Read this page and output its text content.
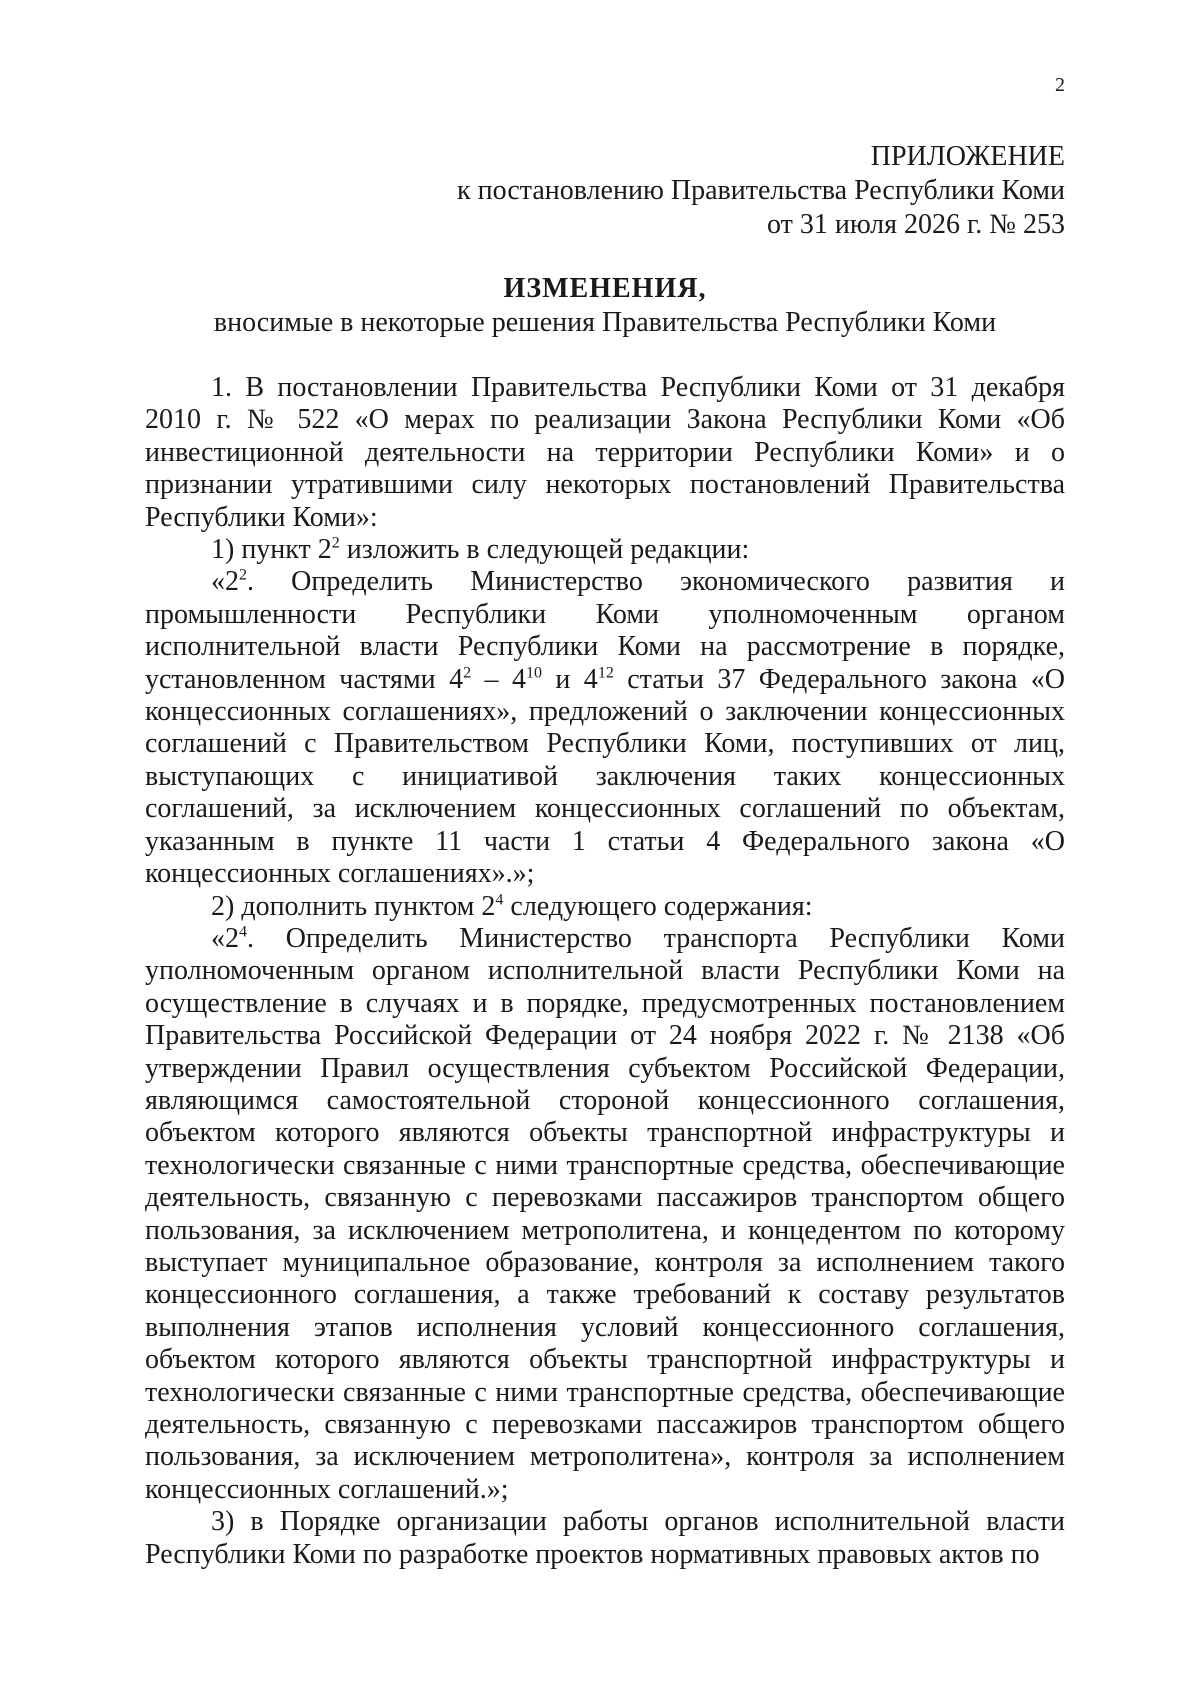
2
ПРИЛОЖЕНИЕ
к постановлению Правительства Республики Коми
от 31 июля 2026 г. № 253
ИЗМЕНЕНИЯ,
вносимые в некоторые решения Правительства Республики Коми

1. В постановлении Правительства Республики Коми от 31 декабря 2010 г. № 522 «О мерах по реализации Закона Республики Коми «Об инвестиционной деятельности на территории Республики Коми» и о признании утратившими силу некоторых постановлений Правительства Республики Коми»:

1) пункт $2^2$ изложить в следующей редакции:

«$2^2$. Определить Министерство экономического развития и промышленности Республики Коми уполномоченным органом исполнительной власти Республики Коми на рассмотрение в порядке, установленном частями $4^2 - 4^{10}$ и $4^{12}$ статьи 37 Федерального закона «О концессионных соглашениях», предложений о заключении концессионных соглашений с Правительством Республики Коми, поступивших от лиц, выступающих с инициативой заключения таких концессионных соглашений, за исключением концессионных соглашений по объектам, указанным в пункте 11 части 1 статьи 4 Федерального закона «О концессионных соглашениях».»;

2) дополнить пунктом $2^4$ следующего содержания:

«$2^4$. Определить Министерство транспорта Республики Коми уполномоченным органом исполнительной власти Республики Коми на осуществление в случаях и в порядке, предусмотренных постановлением Правительства Российской Федерации от 24 ноября 2022 г. № 2138 «Об утверждении Правил осуществления субъектом Российской Федерации, являющимся самостоятельной стороной концессионного соглашения, объектом которого являются объекты транспортной инфраструктуры и технологически связанные с ними транспортные средства, обеспечивающие деятельность, связанную с перевозками пассажиров транспортом общего пользования, за исключением метрополитена, и концедентом по которому выступает муниципальное образование, контроля за исполнением такого концессионного соглашения, а также требований к составу результатов выполнения этапов исполнения условий концессионного соглашения, объектом которого являются объекты транспортной инфраструктуры и технологически связанные с ними транспортные средства, обеспечивающие деятельность, связанную с перевозками пассажиров транспортом общего пользования, за исключением метрополитена», контроля за исполнением концессионных соглашений.»;

3) в Порядке организации работы органов исполнительной власти Республики Коми по разработке проектов нормативных правовых актов по
